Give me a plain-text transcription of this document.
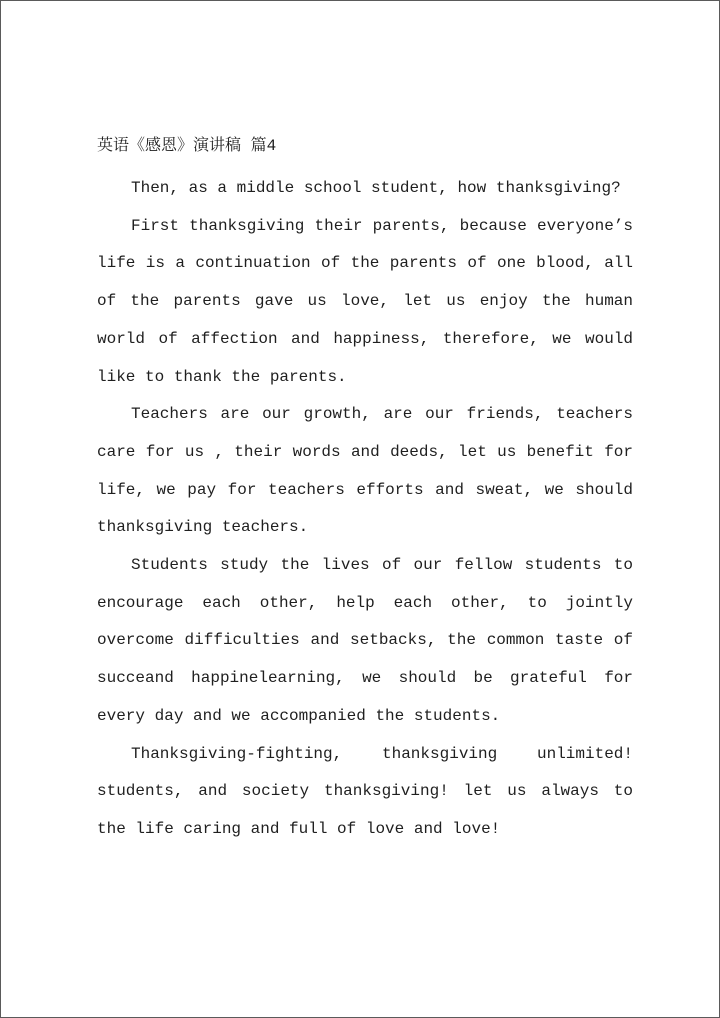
英语《感恩》演讲稿 篇4

Then, as a middle school student, how thanksgiving?

First thanksgiving their parents, because everyone’s life is a continuation of the parents of one blood, all of the parents gave us love, let us enjoy the human world of affection and happiness, therefore, we would like to thank the parents.

Teachers are our growth, are our friends, teachers care for us , their words and deeds, let us benefit for life, we pay for teachers efforts and sweat, we should thanksgiving teachers.

Students study the lives of our fellow students to encourage each other, help each other, to jointly overcome difficulties and setbacks, the common taste of succeand happinelearning, we should be grateful for every day and we accompanied the students.

Thanksgiving-fighting, thanksgiving unlimited! students, and society thanksgiving! let us always to the life caring and full of love and love!
